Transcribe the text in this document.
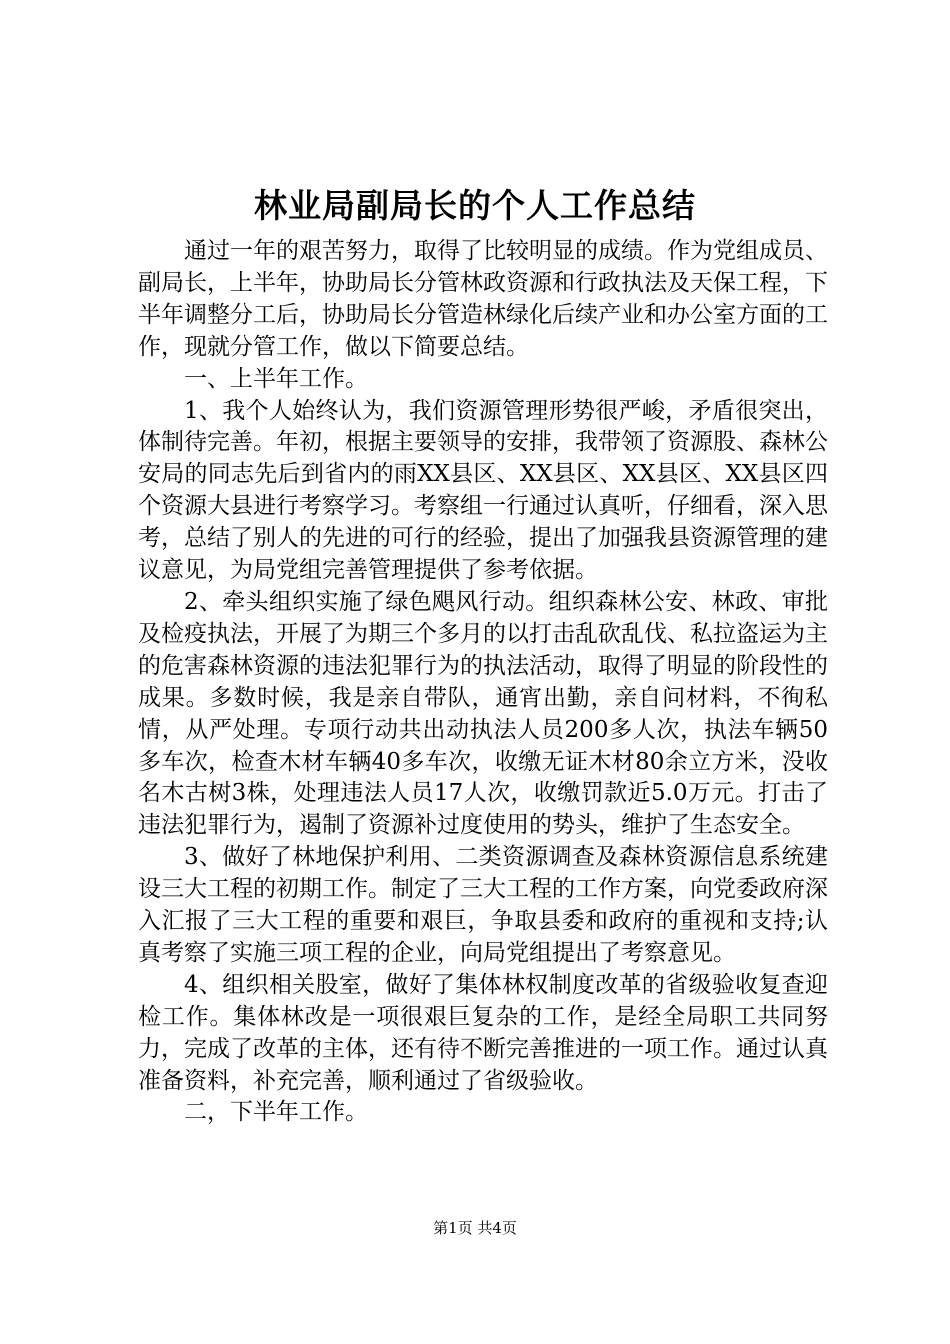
林业局副局长的个人工作总结

通过一年的艰苦努力，取得了比较明显的成绩。作为党组成员、副局长，上半年，协助局长分管林政资源和行政执法及天保工程，下半年调整分工后，协助局长分管造林绿化后续产业和办公室方面的工作，现就分管工作，做以下简要总结。

一、上半年工作。

1、我个人始终认为，我们资源管理形势很严峻，矛盾很突出，体制待完善。年初，根据主要领导的安排，我带领了资源股、森林公安局的同志先后到省内的雨XX县区、XX县区、XX县区、XX县区四个资源大县进行考察学习。考察组一行通过认真听，仔细看，深入思考，总结了别人的先进的可行的经验，提出了加强我县资源管理的建议意见，为局党组完善管理提供了参考依据。

2、牵头组织实施了绿色飓风行动。组织森林公安、林政、审批及检疫执法，开展了为期三个多月的以打击乱砍乱伐、私拉盗运为主的危害森林资源的违法犯罪行为的执法活动，取得了明显的阶段性的成果。多数时候，我是亲自带队，通宵出勤，亲自问材料，不徇私情，从严处理。专项行动共出动执法人员200多人次，执法车辆50多车次，检查木材车辆40多车次，收缴无证木材80余立方米，没收名木古树3株，处理违法人员17人次，收缴罚款近5.0万元。打击了违法犯罪行为，遏制了资源补过度使用的势头，维护了生态安全。

3、做好了林地保护利用、二类资源调查及森林资源信息系统建设三大工程的初期工作。制定了三大工程的工作方案，向党委政府深入汇报了三大工程的重要和艰巨，争取县委和政府的重视和支持;认真考察了实施三项工程的企业，向局党组提出了考察意见。

4、组织相关股室，做好了集体林权制度改革的省级验收复查迎检工作。集体林改是一项很艰巨复杂的工作，是经全局职工共同努力，完成了改革的主体，还有待不断完善推进的一项工作。通过认真准备资料，补充完善，顺利通过了省级验收。

二，下半年工作。

第1页 共4页
